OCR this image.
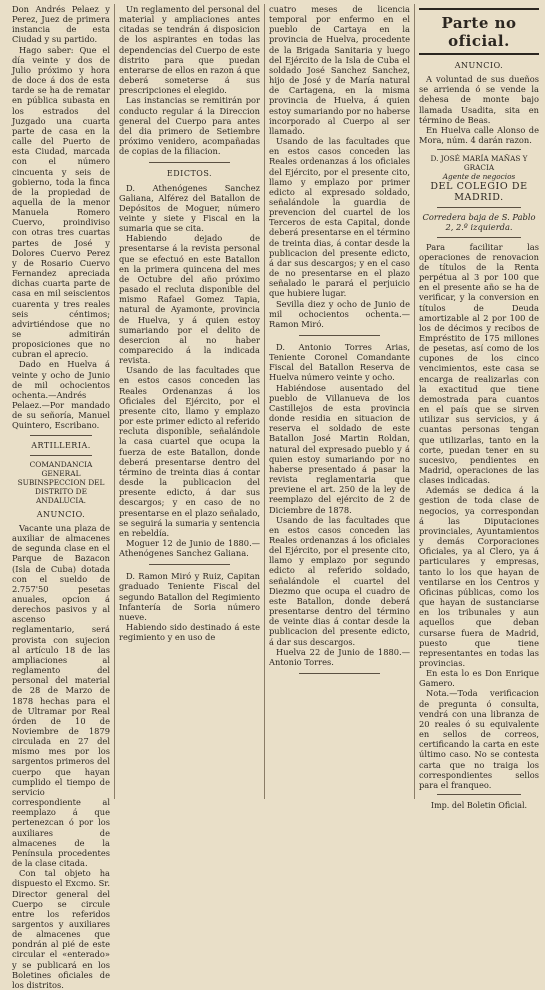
Don Andrés Pelaez y Perez, Juez de primera instancia de esta Ciudad y su partido.

Hago saber: Que el día veinte y dos de Julio próximo y hora de doce á dos de esta tarde se ha de rematar en pública subasta en los estrados del Juzgado una cuarta parte de casa en la calle del Puerto de esta Ciudad, marcada con el número cincuenta y seis de gobierno, toda la finca de la propiedad de aquella de la menor Manuela Romero Cuervo, proindiviso con otras tres cuartas partes de José y Dolores Cuervo Perez y de Rosario Cuervo Fernandez apreciada dichas cuarta parte de casa en mil seiscientos cuarenta y tres reales seis céntimos; advirtiéndose que no se admitirán proposiciones que no cubran el aprecio.

Dado en Huelva á veinte y ocho de Junio de mil ochocientos ochenta.—Andrés Pelaez.—Por mandado de su señoría, Manuel Quintero, Escribano.

ARTILLERIA.
COMANDANCIA GENERAL SUBINSPECCION DEL DISTRITO DE ANDALUCIA.
ANUNCIO.

Vacante una plaza de auxiliar de almacenes de segunda clase en el Parque de Bazacon (Isla de Cuba) dotada con el sueldo de 2.757'50 pesetas anuales, opcion á derechos pasivos y al ascenso reglamentario, será provista con sujecion al artículo 18 de las ampliaciones al reglamento del personal del material de 28 de Marzo de 1878 hechas para el de Ultramar por Real órden de 10 de Noviembre de 1879 circulada en 27 del mismo mes por los sargentos primeros del cuerpo que hayan cumplido el tiempo de servicio correspondiente al reemplazo á que pertenezcan ó por los auxiliares de almacenes de la Península procedentes de la clase citada.

Con tal objeto ha dispuesto el Excmo. Sr. Director general del Cuerpo se circule entre los referidos sargentos y auxiliares de almacenes que pondrán al pié de este circular el «enterado» y se publicará en los Boletines oficiales de los distritos.

Un reglamento del personal del material y ampliaciones antes citadas se tendrán á disposicion de los aspirantes en todas las dependencias del Cuerpo de este distrito para que puedan enterarse de ellos en razon á que deberá someterse á sus prescripciones el elegido.

Las instancias se remitirán por conducto regular á la Direccion general del Cuerpo para antes del dia primero de Setiembre próximo venidero, acompañadas de copias de la filiacion.

EDICTOS.

D. Athenógenes Sanchez Galiana, Alférez del Batallon de Depósitos de Moguer, número veinte y siete y Fiscal en la sumaria que se cita.

Habiendo dejado de presentarse á la revista personal que se efectuó en este Batallon en la primera quincena del mes de Octubre del año próximo pasado el recluta disponible del mismo Rafael Gomez Tapia, natural de Ayamonte, provincia de Huelva, y á quien estoy sumariando por el delito de desercion al no haber comparecido á la indicada revista.

Usando de las facultades que en estos casos conceden las Reales Ordenanzas á los Oficiales del Ejército, por el presente cito, llamo y emplazo por este primer edicto al referido recluta disponible, señalándole la casa cuartel que ocupa la fuerza de este Batallon, donde deberá presentarse dentro del término de treinta dias á contar desde la publicacion del presente edicto, á dar sus descargos; y en caso de no presentarse en el plazo señalado, se seguirá la sumaria y sentencia en rebeldía.

Moguer 12 de Junio de 1880.—Athenógenes Sanchez Galiana.

D. Ramon Miró y Ruiz, Capitan graduado Teniente Fiscal del segundo Batallon del Regimiento Infantería de Soria número nueve.

Habiendo sido destinado á este regimiento y en uso de

cuatro meses de licencia temporal por enfermo en el pueblo de Cartaya en la provincia de Huelva, procedente de la Brigada Sanitaria y luego del Ejército de la Isla de Cuba el soldado José Sanchez Sanchez, hijo de José y de María natural de Cartagena, en la misma provincia de Huelva, á quien estoy sumariando por no haberse incorporado al Cuerpo al ser llamado.

Usando de las facultades que en estos casos conceden las Reales ordenanzas á los oficiales del Ejército, por el presente cito, llamo y emplazo por primer edicto al expresado soldado, señalándole la guardia de prevencion del cuartel de los Terceros de esta Capital, donde deberá presentarse en el término de treinta dias, á contar desde la publicacion del presente edicto, á dar sus descargos; y en el caso de no presentarse en el plazo señalado le parará el perjuicio que hubiere lugar.

Sevilla diez y ocho de Junio de mil ochocientos ochenta.—Ramon Miró.

D. Antonio Torres Arias, Teniente Coronel Comandante Fiscal del Batallon Reserva de Huelva número veinte y ocho.

Habiéndose ausentado del pueblo de Villanueva de los Castillejos de esta provincia donde residia en situacion de reserva el soldado de este Batallon José Martin Roldan, natural del expresado pueblo y á quien estoy sumariando por no haberse presentado á pasar la revista reglamentaria que previene el art. 250 de la ley de reemplazo del ejército de 2 de Diciembre de 1878.

Usando de las facultades que en estos casos conceden las Reales ordenanzas á los oficiales del Ejército, por el presente cito, llamo y emplazo por segundo edicto al referido soldado, señalándole el cuartel del Diezmo que ocupa el cuadro de este Batallon, donde deberá presentarse dentro del término de veinte dias á contar desde la publicacion del presente edicto, á dar sus descargos.

Huelva 22 de Junio de 1880.—Antonio Torres.

Parte no oficial.
ANUNCIO.

A voluntad de sus dueños se arrienda ó se vende la dehesa de monte bajo llamada Usadita, sita en término de Beas.

En Huelva calle Alonso de Mora, núm. 4 darán razon.

D. JOSÉ MARÍA MAÑAS Y GRACIA

Agente de negocios

DEL COLEGIO DE MADRID.

Corredera baja de S. Pablo 2, 2.º izquierda.

Para facilitar las operaciones de renovacion de títulos de la Renta perpétua al 3 por 100 que en el presente año se ha de verificar, y la conversion en títulos de Deuda amortizable al 2 por 100 de los de décimos y recibos de Empréstito de 175 millones de pesetas, así como de los cupones de los cinco vencimientos, este casa se encarga de realizarlas con la exactitud que tiene demostrada para cuantos en el país que se sirven utilizar sus servicios, y á cuantas personas tengan que utilizarlas, tanto en la corte, puedan tener en su sucesivo, pendientes en Madrid, operaciones de las clases indicadas.

Además se dedica á la gestion de toda clase de negocios, ya correspondan á las Diputaciones provinciales, Ayuntamientos y demás Corporaciones Oficiales, ya al Clero, ya á particulares y empresas, tanto lo los que hayan de ventilarse en los Centros y Oficinas públicas, como los que hayan de sustanciarse en los tribunales y aun aquellos que deban cursarse fuera de Madrid, puesto que tiene representantes en todas las provincias.

En esta lo es Don Enrique Gamero.

Nota.—Toda verificacion de pregunta ó consulta, vendrá con una libranza de 20 reales ó su equivalente en sellos de correos, certificando la carta en este último caso. No se contesta carta que no traiga los correspondientes sellos para el franqueo.

Imp. del Boletin Oficial.
